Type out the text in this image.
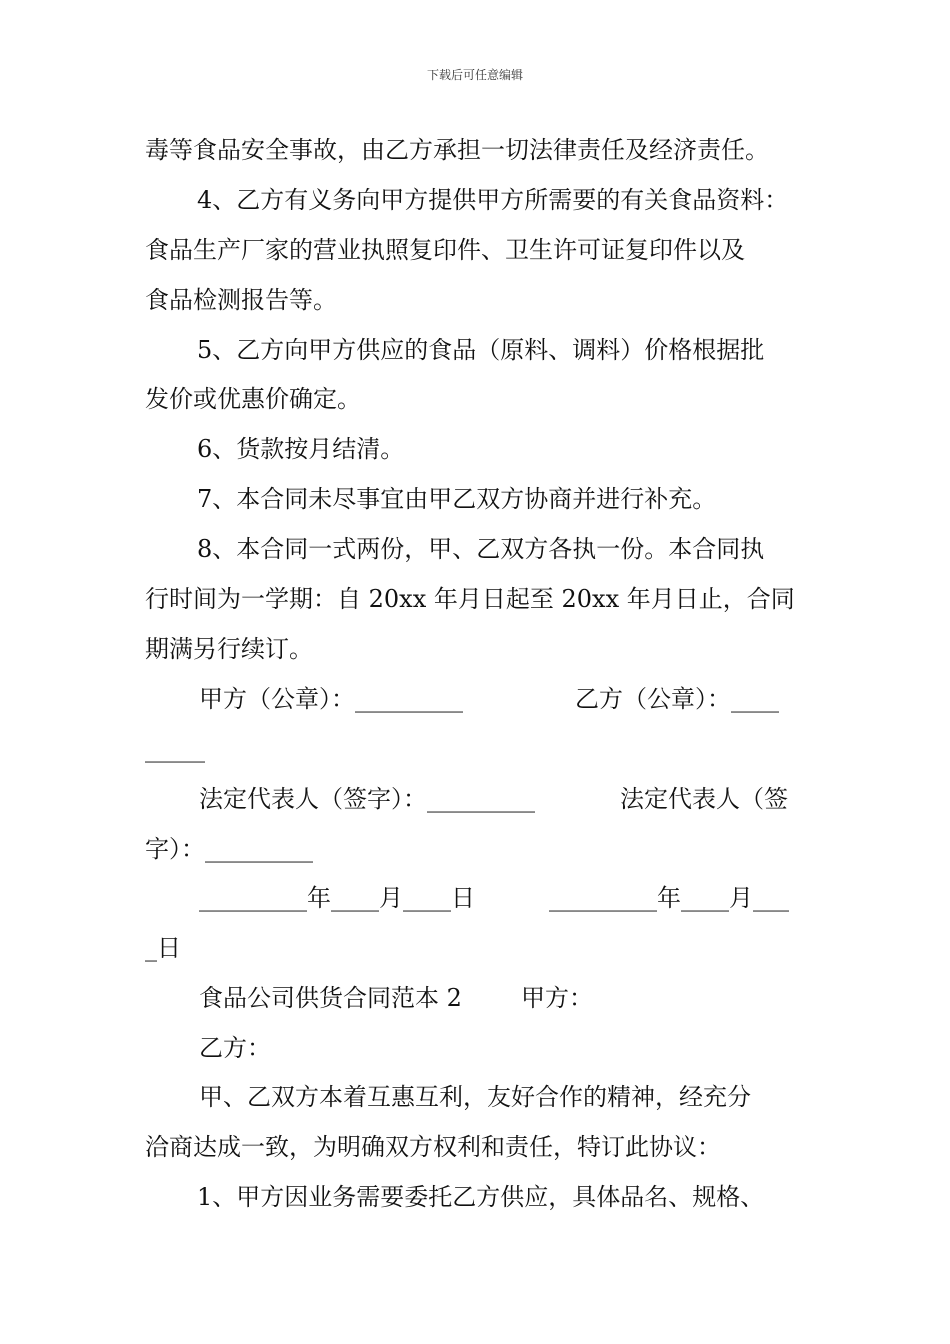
下载后可任意编辑
毒等食品安全事故，由乙方承担一切法律责任及经济责任。
4、乙方有义务向甲方提供甲方所需要的有关食品资料：
食品生产厂家的营业执照复印件、卫生许可证复印件以及
食品检测报告等。
5、乙方向甲方供应的食品（原料、调料）价格根据批
发价或优惠价确定。
6、货款按月结清。
7、本合同未尽事宜由甲乙双方协商并进行补充。
8、本合同一式两份，甲、乙双方各执一份。本合同执
行时间为一学期：自 20xx 年月日起至 20xx 年月日止，合同
期满另行续订。
甲方（公章）：_________	乙方（公章）：____
_____
法定代表人（签字）：_________	法定代表人（签
字）：_________
_________年____月____日	_________年____月___
_日
食品公司供货合同范本 2 甲方：
乙方：
甲、乙双方本着互惠互利，友好合作的精神，经充分
洽商达成一致，为明确双方权利和责任，特订此协议：
1、甲方因业务需要委托乙方供应，具体品名、规格、
